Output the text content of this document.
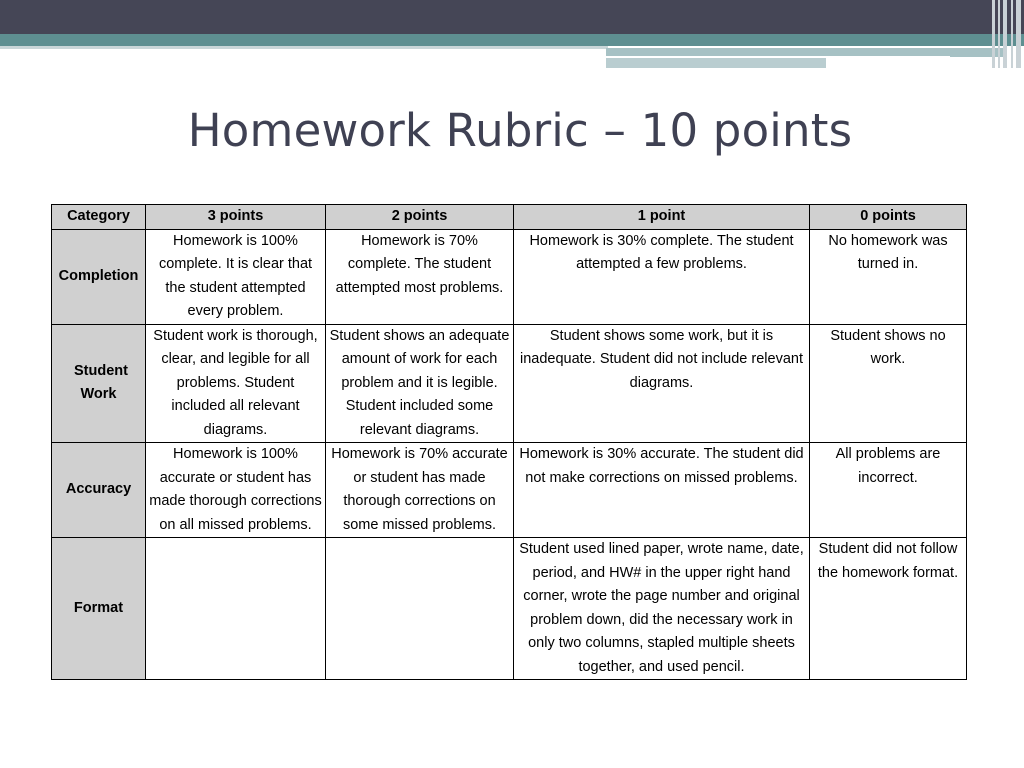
Homework Rubric – 10 points
Category	3 points	2 points	1 point	0 points
Completion	Homework is 100% complete. It is clear that the student attempted every problem.	Homework is 70% complete. The student attempted most problems.	Homework is 30% complete. The student attempted a few problems.	No homework was turned in.
Student Work	Student work is thorough, clear, and legible for all problems. Student included all relevant diagrams.	Student shows an adequate amount of work for each problem and it is legible. Student included some relevant diagrams.	Student shows some work, but it is inadequate. Student did not include relevant diagrams.	Student shows no work.
Accuracy	Homework is 100% accurate or student has made thorough corrections on all missed problems.	Homework is 70% accurate or student has made thorough corrections on some missed problems.	Homework is 30% accurate. The student did not make corrections on missed problems.	All problems are incorrect.
Format			Student used lined paper, wrote name, date, period, and HW# in the upper right hand corner, wrote the page number and original problem down, did the necessary work in only two columns, stapled multiple sheets together, and used pencil.	Student did not follow the homework format.
